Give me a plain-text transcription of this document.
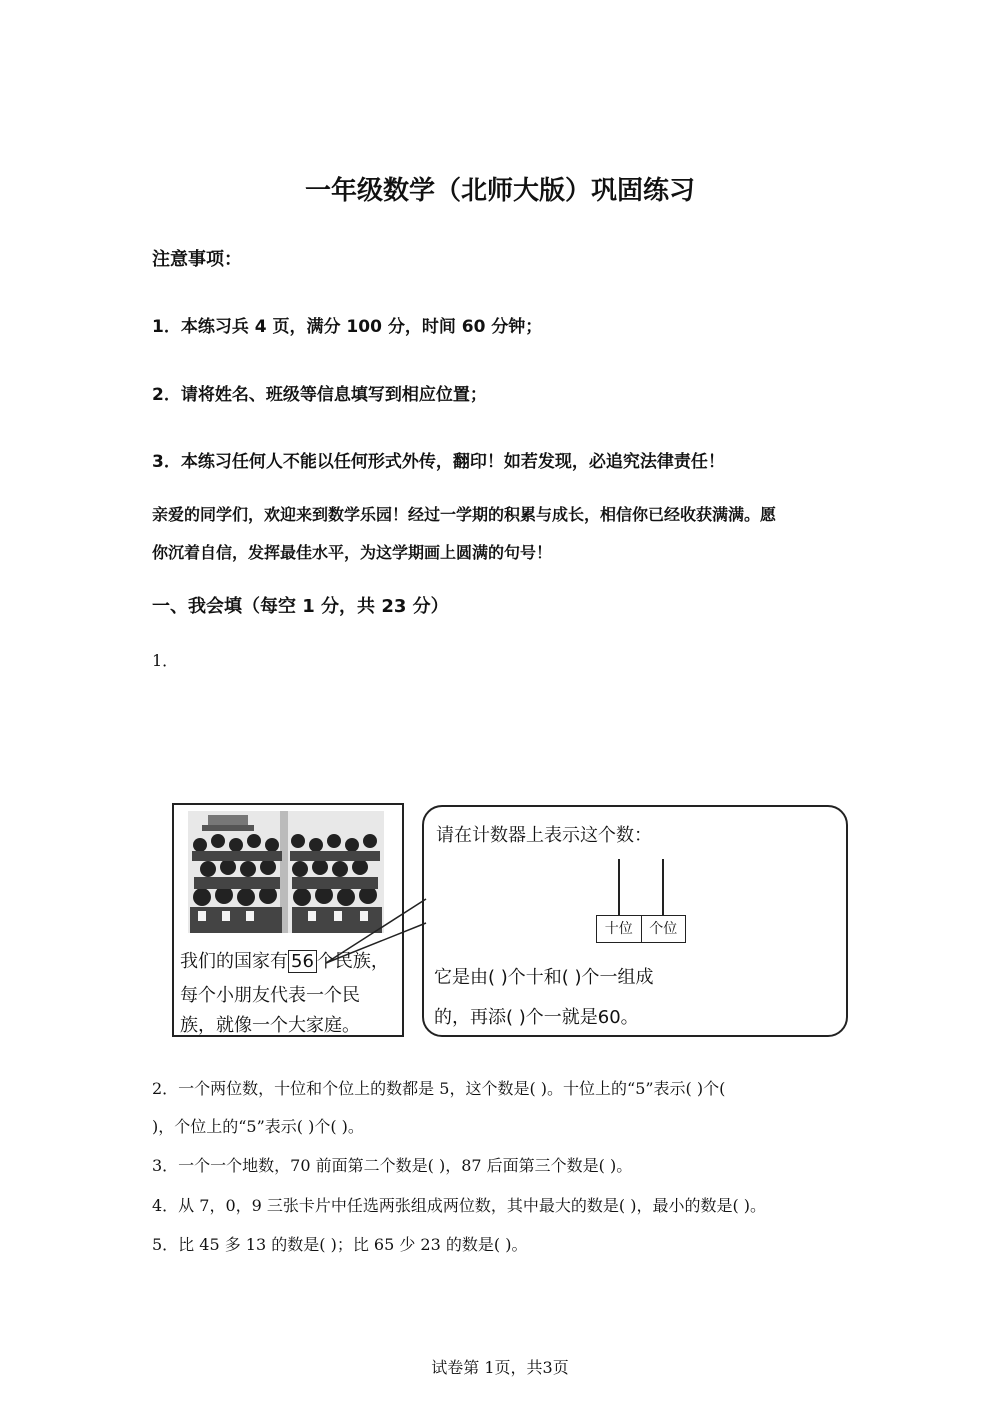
一年级数学（北师大版）巩固练习
注意事项：
1．本练习兵 4 页，满分 100 分，时间 60 分钟；
2．请将姓名、班级等信息填写到相应位置；
3．本练习任何人不能以任何形式外传，翻印！如若发现，必追究法律责任！
亲爱的同学们，欢迎来到数学乐园！经过一学期的积累与成长，相信你已经收获满满。愿
你沉着自信，发挥最佳水平，为这学期画上圆满的句号！
一、我会填（每空 1 分，共 23 分）
1．
我们的国家有 56 个民族，
每个小朋友代表一个民
族，就像一个大家庭。
请在计数器上表示这个数：
十位	个位
它是由( )个十和( )个一组成
的，再添( )个一就是60。
2．一个两位数，十位和个位上的数都是 5，这个数是( )。十位上的“5”表示( )个(
)，个位上的“5”表示( )个( )。
3．一个一个地数，70 前面第二个数是( )，87 后面第三个数是( )。
4．从 7，0，9 三张卡片中任选两张组成两位数，其中最大的数是( )，最小的数是( )。
5．比 45 多 13 的数是( )；比 65 少 23 的数是( )。
试卷第 1页，共3页
